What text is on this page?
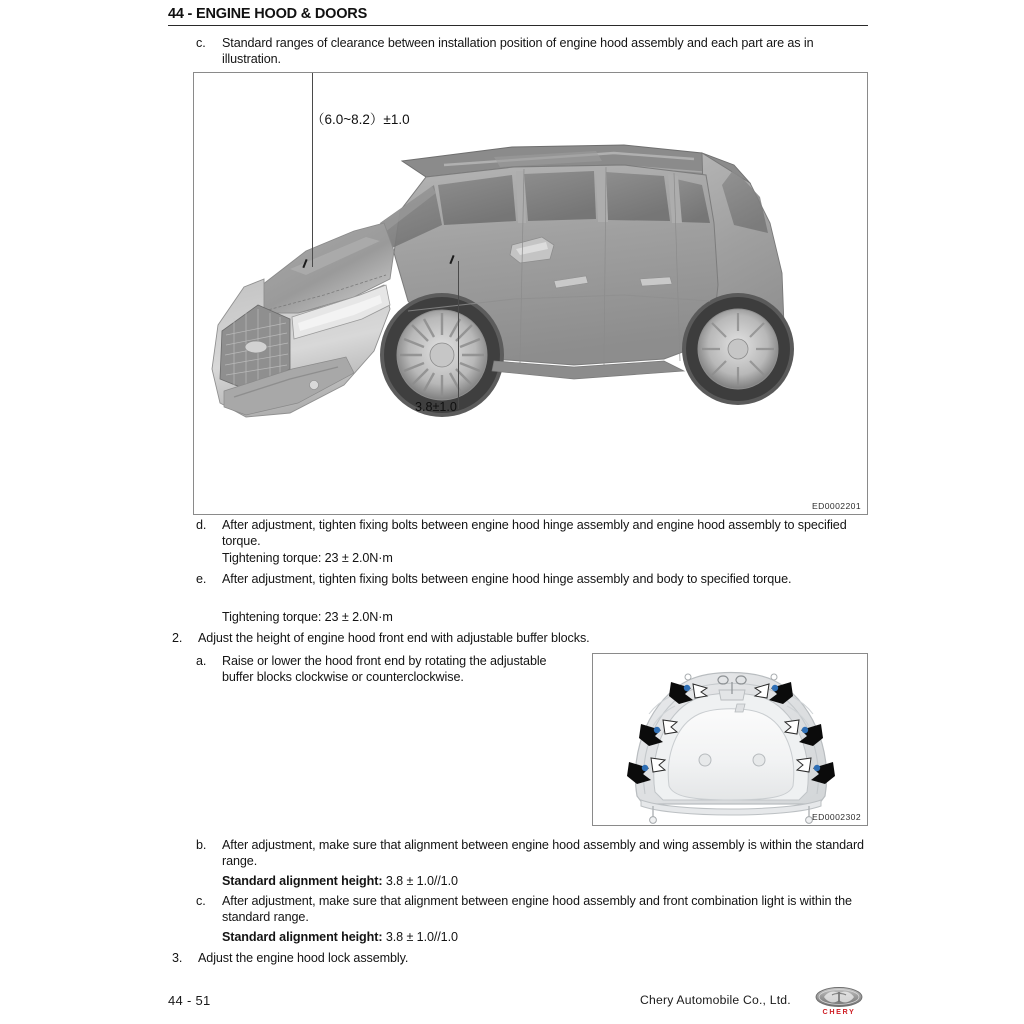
44 - ENGINE HOOD & DOORS
c.	Standard ranges of clearance between installation position of engine hood assembly and each part are as in illustration.
ED0002201
（6.0~8.2）±1.0
3.8±1.0
d.	After adjustment, tighten fixing bolts between engine hood hinge assembly and engine hood assembly to specified torque.
Tightening torque: 23 ± 2.0N·m
e.	After adjustment, tighten fixing bolts between engine hood hinge assembly and body to specified torque.
Tightening torque: 23 ± 2.0N·m
2.	Adjust the height of engine hood front end with adjustable buffer blocks.
a.	Raise or lower the hood front end by rotating the adjustable buffer blocks clockwise or counterclockwise.
ED0002302
b.	After adjustment, make sure that alignment between engine hood assembly and wing assembly is within the standard range.
Standard alignment height: 3.8 ± 1.0//1.0
c.	After adjustment, make sure that alignment between engine hood assembly and front combination light is within the standard range.
Standard alignment height: 3.8 ± 1.0//1.0
3.	Adjust the engine hood lock assembly.
44 - 51	Chery Automobile Co., Ltd.
CHERY
